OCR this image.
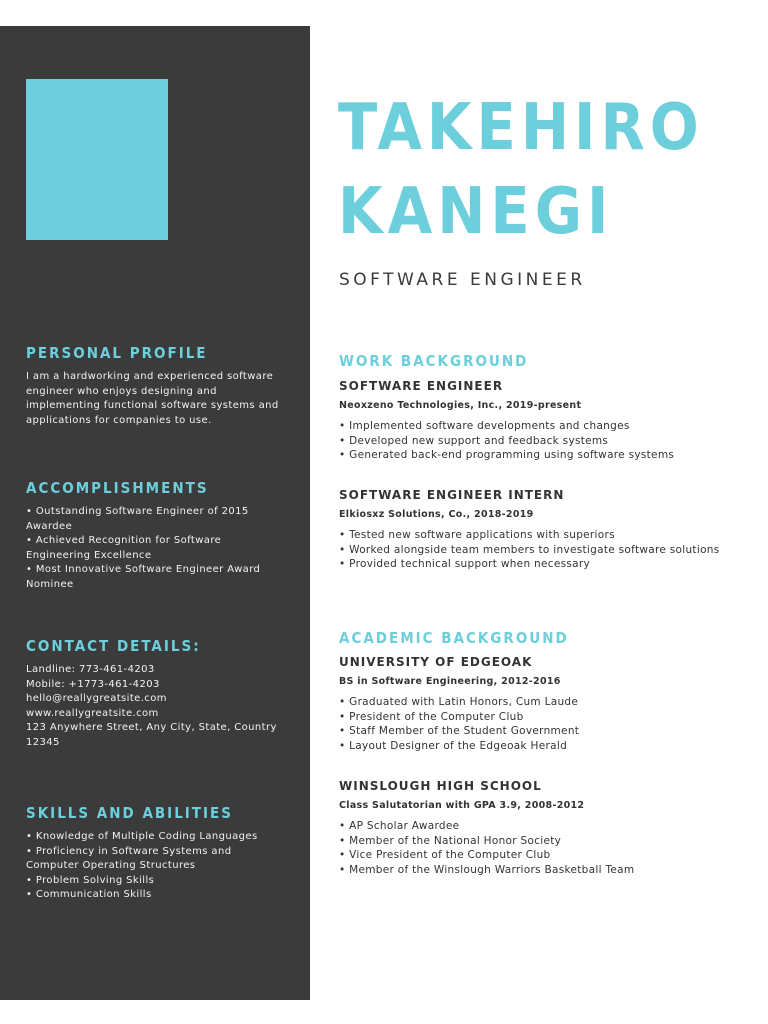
PERSONAL PROFILE
I am a hardworking and experienced software
engineer who enjoys designing and
implementing functional software systems and
applications for companies to use.
ACCOMPLISHMENTS
• Outstanding Software Engineer of 2015
Awardee
• Achieved Recognition for Software
Engineering Excellence
• Most Innovative Software Engineer Award
Nominee
CONTACT DETAILS:
Landline: 773-461-4203
Mobile: +1773-461-4203
hello@reallygreatsite.com
www.reallygreatsite.com
123 Anywhere Street, Any City, State, Country
12345
SKILLS AND ABILITIES
• Knowledge of Multiple Coding Languages
• Proficiency in Software Systems and
Computer Operating Structures
• Problem Solving Skills
• Communication Skills
TAKEHIRO
KANEGI
SOFTWARE ENGINEER
WORK BACKGROUND
SOFTWARE ENGINEER
Neoxzeno Technologies, Inc., 2019-present
• Implemented software developments and changes
• Developed new support and feedback systems
• Generated back-end programming using software systems
SOFTWARE ENGINEER INTERN
Elkiosxz Solutions, Co., 2018-2019
• Tested new software applications with superiors
• Worked alongside team members to investigate software solutions
• Provided technical support when necessary
ACADEMIC BACKGROUND
UNIVERSITY OF EDGEOAK
BS in Software Engineering, 2012-2016
• Graduated with Latin Honors, Cum Laude
• President of the Computer Club
• Staff Member of the Student Government
• Layout Designer of the Edgeoak Herald
WINSLOUGH HIGH SCHOOL
Class Salutatorian with GPA 3.9, 2008-2012
• AP Scholar Awardee
• Member of the National Honor Society
• Vice President of the Computer Club
• Member of the Winslough Warriors Basketball Team
